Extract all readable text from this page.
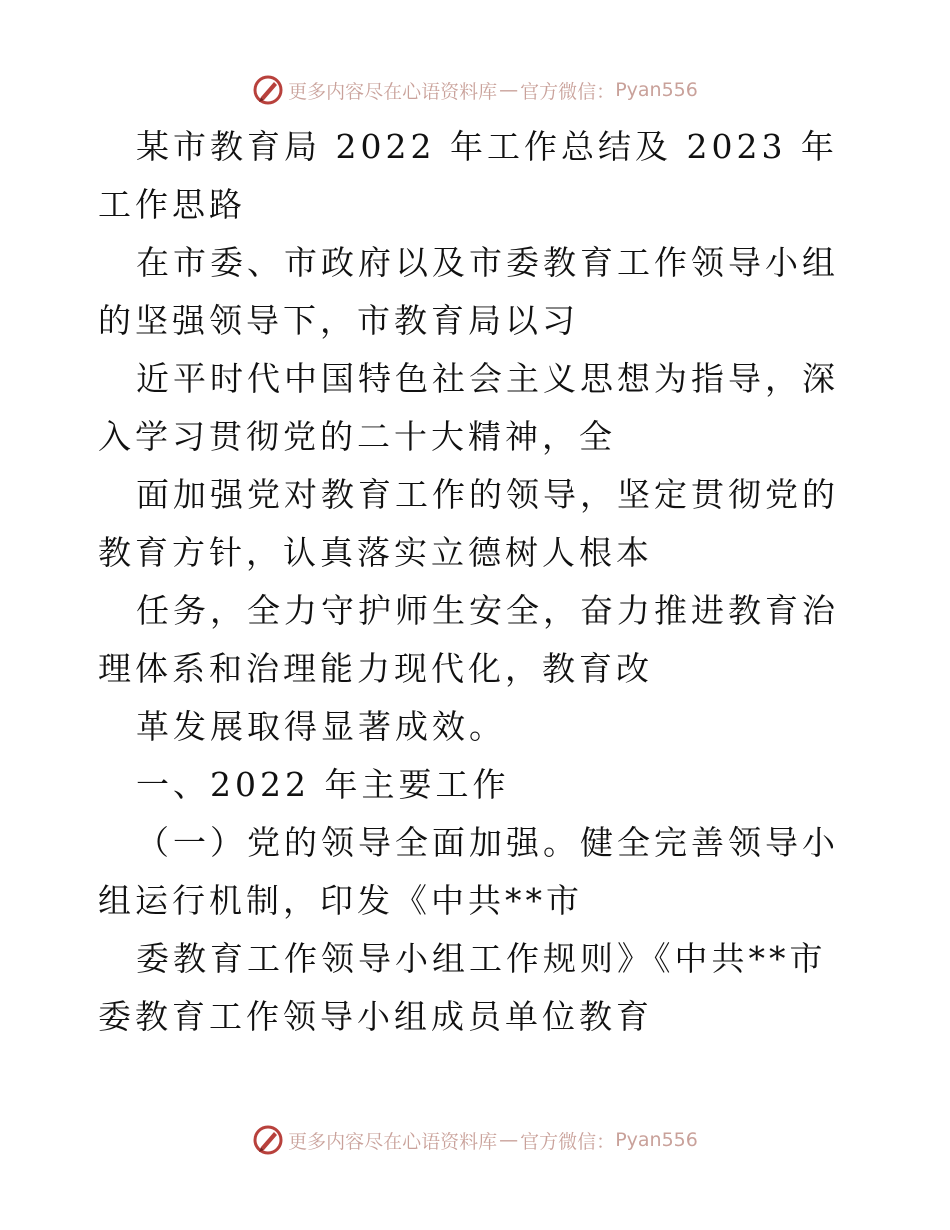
更多内容尽在心语资料库 — 官方微信： Pyan556

某市教育局 2022 年工作总结及 2023 年工作思路

在市委、市政府以及市委教育工作领导小组的坚强领导下，市教育局以习

近平时代中国特色社会主义思想为指导，深入学习贯彻党的二十大精神，全

面加强党对教育工作的领导，坚定贯彻党的教育方针，认真落实立德树人根本

任务，全力守护师生安全，奋力推进教育治理体系和治理能力现代化，教育改

革发展取得显著成效。

一、2022 年主要工作

（一）党的领导全面加强。健全完善领导小组运行机制，印发《中共**市

委教育工作领导小组工作规则》《中共**市委教育工作领导小组成员单位教育

更多内容尽在心语资料库 — 官方微信： Pyan556
